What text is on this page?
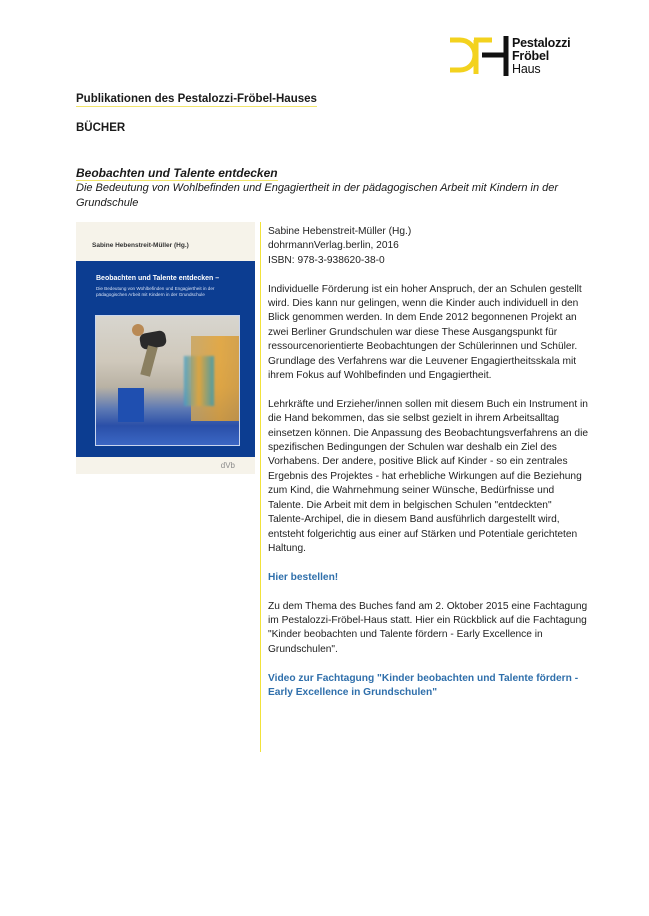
Pestalozzi
Fröbel
Haus
Publikationen des Pestalozzi-Fröbel-Hauses
BÜCHER
Beobachten und Talente entdecken
Die Bedeutung von Wohlbefinden und Engagiertheit in der pädagogischen Arbeit mit Kindern in der Grundschule
Sabine Hebenstreit-Müller (Hg.)
Beobachten und Talente entdecken –
Die Bedeutung von Wohlbefinden und Engagiertheit in der pädagogischen Arbeit mit Kindern in der Grundschule
dVb

Sabine Hebenstreit-Müller (Hg.)
dohrmannVerlag.berlin, 2016
ISBN: 978-3-938620-38-0

Individuelle Förderung ist ein hoher Anspruch, der an Schulen gestellt wird. Dies kann nur gelingen, wenn die Kinder auch individuell in den Blick genommen werden. In dem Ende 2012 begonnenen Projekt an zwei Berliner Grundschulen war diese These Ausgangspunkt für ressourcenorientierte Beobachtungen der Schülerinnen und Schüler. Grundlage des Verfahrens war die Leuvener Engagiertheitsskala mit ihrem Fokus auf Wohlbefinden und Engagiertheit.

Lehrkräfte und Erzieher/innen sollen mit diesem Buch ein Instrument in die Hand bekommen, das sie selbst gezielt in ihrem Arbeitsalltag einsetzen können. Die Anpassung des Beobachtungsverfahrens an die spezifischen Bedingungen der Schulen war deshalb ein Ziel des Vorhabens. Der andere, positive Blick auf Kinder - so ein zentrales Ergebnis des Projektes - hat erhebliche Wirkungen auf die Beziehung zum Kind, die Wahrnehmung seiner Wünsche, Bedürfnisse und Talente. Die Arbeit mit dem in belgischen Schulen "entdeckten" Talente-Archipel, die in diesem Band ausführlich dargestellt wird, entsteht folgerichtig aus einer auf Stärken und Potentiale gerichteten Haltung.

Hier bestellen!

Zu dem Thema des Buches fand am 2. Oktober 2015 eine Fachtagung im Pestalozzi-Fröbel-Haus statt. Hier ein Rückblick auf die Fachtagung "Kinder beobachten und Talente fördern - Early Excellence in Grundschulen".

Video zur Fachtagung "Kinder beobachten und Talente fördern - Early Excellence in Grundschulen"
